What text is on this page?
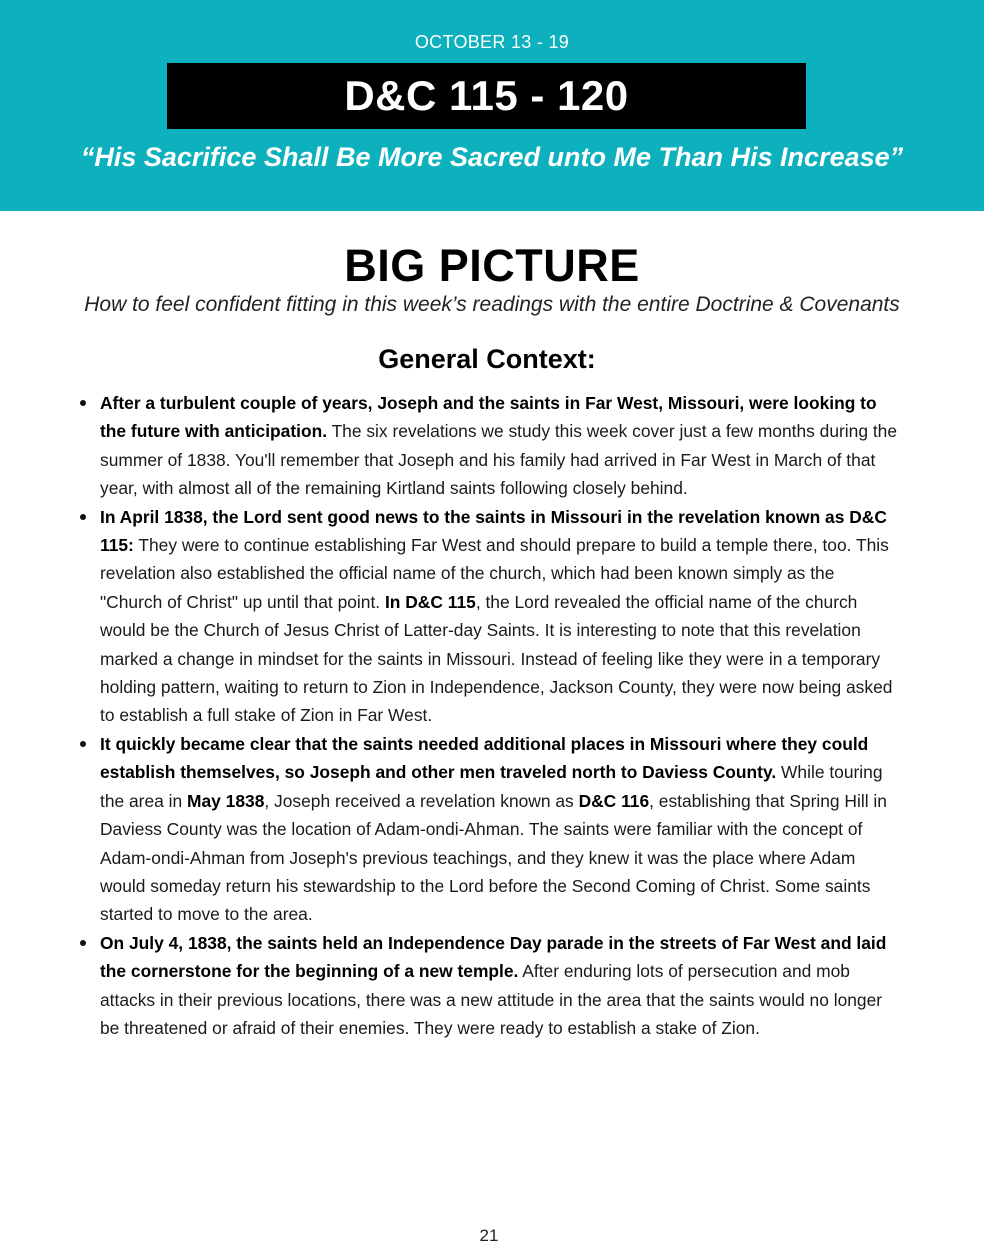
OCTOBER 13 - 19
D&C 115 - 120
“His Sacrifice Shall Be More Sacred unto Me Than His Increase”
BIG PICTURE
How to feel confident fitting in this week’s readings with the entire Doctrine & Covenants
General Context:
After a turbulent couple of years, Joseph and the saints in Far West, Missouri, were looking to the future with anticipation. The six revelations we study this week cover just a few months during the summer of 1838. You'll remember that Joseph and his family had arrived in Far West in March of that year, with almost all of the remaining Kirtland saints following closely behind.
In April 1838, the Lord sent good news to the saints in Missouri in the revelation known as D&C 115: They were to continue establishing Far West and should prepare to build a temple there, too. This revelation also established the official name of the church, which had been known simply as the "Church of Christ" up until that point. In D&C 115, the Lord revealed the official name of the church would be the Church of Jesus Christ of Latter-day Saints. It is interesting to note that this revelation marked a change in mindset for the saints in Missouri. Instead of feeling like they were in a temporary holding pattern, waiting to return to Zion in Independence, Jackson County, they were now being asked to establish a full stake of Zion in Far West.
It quickly became clear that the saints needed additional places in Missouri where they could establish themselves, so Joseph and other men traveled north to Daviess County. While touring the area in May 1838, Joseph received a revelation known as D&C 116, establishing that Spring Hill in Daviess County was the location of Adam-ondi-Ahman. The saints were familiar with the concept of Adam-ondi-Ahman from Joseph's previous teachings, and they knew it was the place where Adam would someday return his stewardship to the Lord before the Second Coming of Christ. Some saints started to move to the area.
On July 4, 1838, the saints held an Independence Day parade in the streets of Far West and laid the cornerstone for the beginning of a new temple. After enduring lots of persecution and mob attacks in their previous locations, there was a new attitude in the area that the saints would no longer be threatened or afraid of their enemies. They were ready to establish a stake of Zion.
21
